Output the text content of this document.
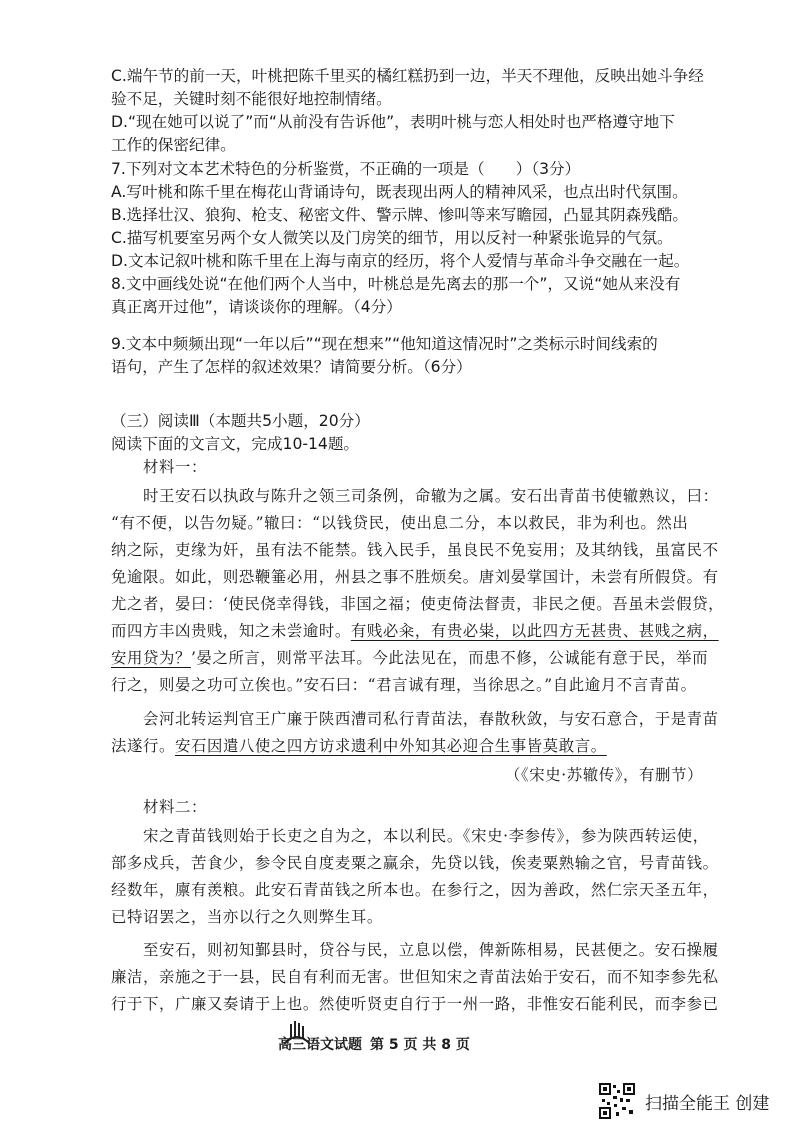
C.端午节的前一天，叶桃把陈千里买的橘红糕扔到一边，半天不理他，反映出她斗争经
验不足，关键时刻不能很好地控制情绪。
D.“现在她可以说了”而“从前没有告诉他”，表明叶桃与恋人相处时也严格遵守地下
工作的保密纪律。
7.下列对文本艺术特色的分析鉴赏，不正确的一项是（　　）（3分）
A.写叶桃和陈千里在梅花山背诵诗句，既表现出两人的精神风采，也点出时代氛围。
B.选择壮汉、狼狗、枪支、秘密文件、警示牌、惨叫等来写瞻园，凸显其阴森残酷。
C.描写机要室另两个女人微笑以及门房笑的细节，用以反衬一种紧张诡异的气氛。
D.文本记叙叶桃和陈千里在上海与南京的经历，将个人爱情与革命斗争交融在一起。
8.文中画线处说“在他们两个人当中，叶桃总是先离去的那一个”，又说“她从来没有
真正离开过他”，请谈谈你的理解。（4分）
9.文本中频频出现“一年以后”“现在想来”“他知道这情况时”之类标示时间线索的
语句，产生了怎样的叙述效果？请简要分析。（6分）
（三）阅读Ⅲ（本题共5小题，20分）
阅读下面的文言文，完成10-14题。
材料一：
时王安石以执政与陈升之领三司条例，命辙为之属。安石出青苗书使辙熟议，曰：
“有不便，以告勿疑。”辙曰：“以钱贷民，使出息二分，本以救民，非为利也。然出
纳之际，吏缘为奸，虽有法不能禁。钱入民手，虽良民不免妄用；及其纳钱，虽富民不
免逾限。如此，则恐鞭箠必用，州县之事不胜烦矣。唐刘晏掌国计，未尝有所假贷。有
尤之者，晏曰：‘使民侥幸得钱，非国之福；使吏倚法督责，非民之便。吾虽未尝假贷，
而四方丰凶贵贱，知之未尝逾时。有贱必籴，有贵必粜，以此四方无甚贵、甚贱之病，
安用贷为？’晏之所言，则常平法耳。今此法见在，而患不修，公诚能有意于民，举而
行之，则晏之功可立俟也。”安石曰：“君言诚有理，当徐思之。”自此逾月不言青苗。
会河北转运判官王广廉于陕西漕司私行青苗法，春散秋敛，与安石意合，于是青苗
法遂行。安石因遣八使之四方访求遗利中外知其必迎合生事皆莫敢言。
（《宋史·苏辙传》，有删节）
材料二：
宋之青苗钱则始于长吏之自为之，本以利民。《宋史·李参传》，参为陕西转运使，
部多戍兵，苦食少，参令民自度麦粟之赢余，先贷以钱，俟麦粟熟输之官，号青苗钱。
经数年，廪有羡粮。此安石青苗钱之所本也。在参行之，因为善政，然仁宗天圣五年，
已特诏罢之，当亦以行之久则弊生耳。
至安石，则初知鄞县时，贷谷与民，立息以偿，俾新陈相易，民甚便之。安石操履
廉洁，亲施之于一县，民自有利而无害。世但知宋之青苗法始于安石，而不知李参先私
行于下，广廉又奏请于上也。然使听贤吏自行于一州一路，非惟安石能利民，而李参已
高三语文试题 第 5 页 共 8 页
扫描全能王 创建
